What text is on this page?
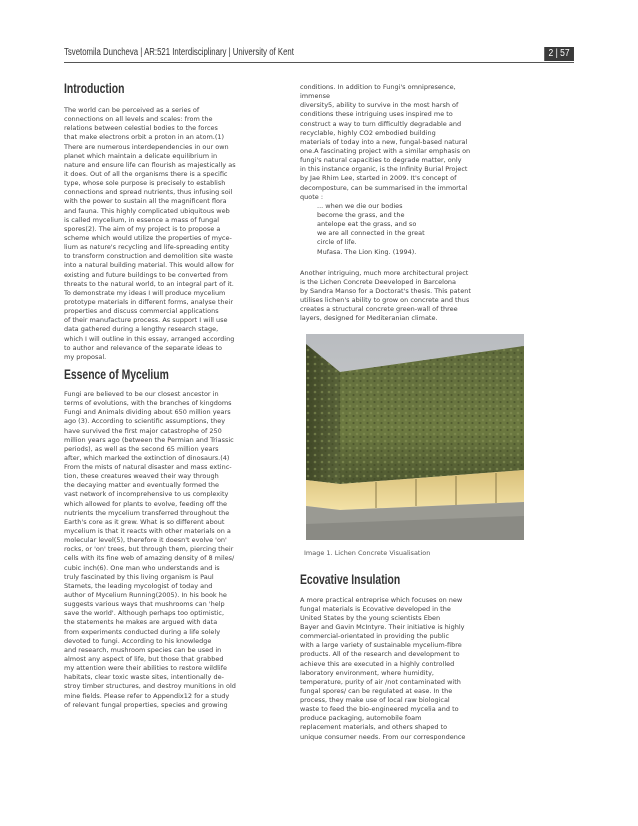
Tsvetomila Duncheva | AR:521 Interdisciplinary | University of Kent	2 | 57
Introduction
The world can be perceived as a series of
connections on all levels and scales: from the
relations between celestial bodies to the forces
that make electrons orbit a proton in an atom.(1)
There are numerous interdependencies in our own
planet which maintain a delicate equilibrium in
nature and ensure life can flourish as majestically as
it does. Out of all the organisms there is a specific
type, whose sole purpose is precisely to establish
connections and spread nutrients, thus infusing soil
with the power to sustain all the magnificent flora
and fauna. This highly complicated ubiquitous web
is called mycelium, in essence a mass of fungal
spores(2). The aim of my project is to propose a
scheme which would utilize the properties of myce-
lium as nature's recycling and life-spreading entity
to transform construction and demolition site waste
into a natural building material. This would allow for
existing and future buildings to be converted from
threats to the natural world, to an integral part of it.
To demonstrate my ideas I will produce mycelium
prototype materials in different forms, analyse their
properties and discuss commercial applications
of their manufacture process. As support I will use
data gathered during a lengthy research stage,
which I will outline in this essay, arranged according
to author and relevance of the separate ideas to
my proposal.
Essence of Mycelium
Fungi are believed to be our closest ancestor in
terms of evolutions, with the branches of kingdoms
Fungi and Animals dividing about 650 million years
ago (3). According to scientific assumptions, they
have survived the first major catastrophe of 250
million years ago (between the Permian and Triassic
periods), as well as the second 65 million years
after, which marked the extinction of dinosaurs.(4)
From the mists of natural disaster and mass extinc-
tion, these creatures weaved their way through
the decaying matter and eventually formed the
vast network of incomprehensive to us complexity
which allowed for plants to evolve, feeding off the
nutrients the mycelium transferred throughout the
Earth's core as it grew. What is so different about
mycelium is that it reacts with other materials on a
molecular level(5), therefore it doesn't evolve 'on'
rocks, or 'on' trees, but through them, piercing their
cells with its fine web of amazing density of 8 miles/
cubic inch(6). One man who understands and is
truly fascinated by this living organism is Paul
Stamets, the leading mycologist of today and
author of Mycelium Running(2005). In his book he
suggests various ways that mushrooms can 'help
save the world'. Although perhaps too optimistic,
the statements he makes are argued with data
from experiments conducted during a life solely
devoted to fungi. According to his knowledge
and research, mushroom species can be used in
almost any aspect of life, but those that grabbed
my attention were their abilities to restore wildlife
habitats, clear toxic waste sites, intentionally de-
stroy timber structures, and destroy munitions in old
mine fields. Please refer to Appendix12 for a study
of relevant fungal properties, species and growing
conditions. In addition to Fungi's omnipresence,
immense
diversity5, ability to survive in the most harsh of
conditions these intriguing uses inspired me to
construct a way to turn difficultly degradable and
recyclable, highly CO2 embodied building
materials of today into a new, fungal-based natural
one.A fascinating project with a similar emphasis on
fungi's natural capacities to degrade matter, only
in this instance organic, is the Infinity Burial Project
by Jae Rhim Lee, started in 2009. It's concept of
decomposture, can be summarised in the immortal
quote :
... when we die our bodies
become the grass, and the
antelope eat the grass, and so
we are all connected in the great
circle of life.
Mufasa. The Lion King. (1994).
Another intriguing, much more architectural project
is the Lichen Concrete Deeveloped in Barcelona
by Sandra Manso for a Doctorat's thesis. This patent
utilises lichen's ability to grow on concrete and thus
creates a structural concrete green-wall of three
layers, designed for Mediteranian climate.
Image 1. Lichen Concrete Visualisation
Ecovative Insulation
A more practical entreprise which focuses on new
fungal materials is Ecovative developed in the
United States by the young scientists Eben
Bayer and Gavin McIntyre. Their initiative is highly
commercial-orientated in providing the public
with a large variety of sustainable mycelium-fibre
products. All of the research and development to
achieve this are executed in a highly controlled
laboratory environment, where humidity,
temperature, purity of air /not contaminated with
fungal spores/ can be regulated at ease. In the
process, they make use of local raw biological
waste to feed the bio-engineered mycelia and to
produce packaging, automobile foam
replacement materials, and others shaped to
unique consumer needs. From our correspondence
